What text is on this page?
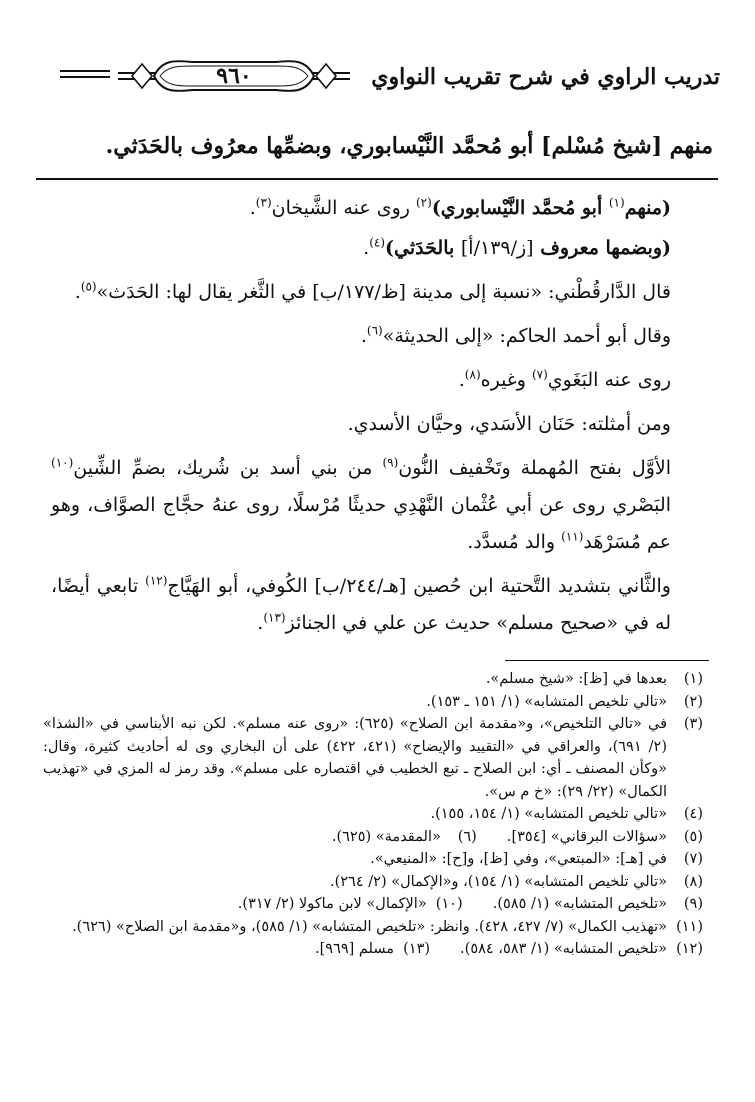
٩٦٠	تدريب الراوي في شرح تقريب النواوي
منهم [شيخ مُسْلم] أبو مُحمَّد النَّيْسابوري، وبضمِّها معرُوف بالحَدَثي.

(منهم$^{(١)}$ أبو مُحمَّد النَّيْسابوري)$^{(٢)}$ روى عنه الشَّيخان$^{(٣)}$.

(وبضمها معروف [ز/١٣٩/أ] بالحَدَثي)$^{(٤)}$.

قال الدَّارقُطْني: «نسبة إلى مدينة [ظ/١٧٧/ب] في الثَّغر يقال لها: الحَدَث»$^{(٥)}$.

وقال أبو أحمد الحاكم: «إلى الحديثة»$^{(٦)}$.

روى عنه البَغَوي$^{(٧)}$ وغيره$^{(٨)}$.

ومن أمثلته: حَنَان الأسَدي، وحيَّان الأسدي.

الأوَّل بفتح المُهملة وتَخْفيف النُّون$^{(٩)}$ من بني أسد بن شُريك، بضمِّ الشِّين$^{(١٠)}$ البَصْري روى عن أبي عُثْمان النَّهْدِي حديثًا مُرْسلًا، روى عنهُ حجَّاج الصوَّاف، وهو عم مُسَرْهَد$^{(١١)}$ والد مُسدَّد.

والثَّاني بتشديد التَّحتية ابن حُصين [هـ/٢٤٤/ب] الكُوفي، أبو الهَيَّاج$^{(١٢)}$ تابعي أيضًا، له في «صحيح مسلم» حديث عن علي في الجنائز$^{(١٣)}$.

(١)
بعدها في [ظ]: «شيخ مسلم».
(٢)
«تالي تلخيص المتشابه» (١/ ١٥١ ـ ١٥٣).
(٣)
في «تالي التلخيص»، و«مقدمة ابن الصلاح» (٦٢٥): «روى عنه مسلم». لكن نبه الأبناسي في «الشذا» (٢/ ٦٩١)، والعراقي في «التقييد والإيضاح» (٤٢١، ٤٢٢) على أن البخاري وى له أحاديث كثيرة، وقال: «وكأن المصنف ـ أي: ابن الصلاح ـ تبع الخطيب في اقتصاره على مسلم». وقد رمز له المزي في «تهذيب الكمال» (٢٢/ ٢٩): «خ م س».
(٤)
«تالي تلخيص المتشابه» (١/ ١٥٤، ١٥٥).
(٥)
«سؤالات البرقاني» [٣٥٤].
(٦)
«المقدمة» (٦٢٥).
(٧)
في [هـ]: «المبتعي»، وفي [ظ]، و[ح]: «المنيعي».
(٨)
«تالي تلخيص المتشابه» (١/ ١٥٤)، و«الإكمال» (٢/ ٢٦٤).
(٩)
«تلخيص المتشابه» (١/ ٥٨٥).
(١٠)
«الإكمال» لابن ماكولا (٢/ ٣١٧).
(١١)
«تهذيب الكمال» (٧/ ٤٢٧، ٤٢٨). وانظر: «تلخيص المتشابه» (١/ ٥٨٥)، و«مقدمة ابن الصلاح» (٦٢٦).
(١٢)
«تلخيص المتشابه» (١/ ٥٨٣، ٥٨٤).
(١٣)
مسلم [٩٦٩].
